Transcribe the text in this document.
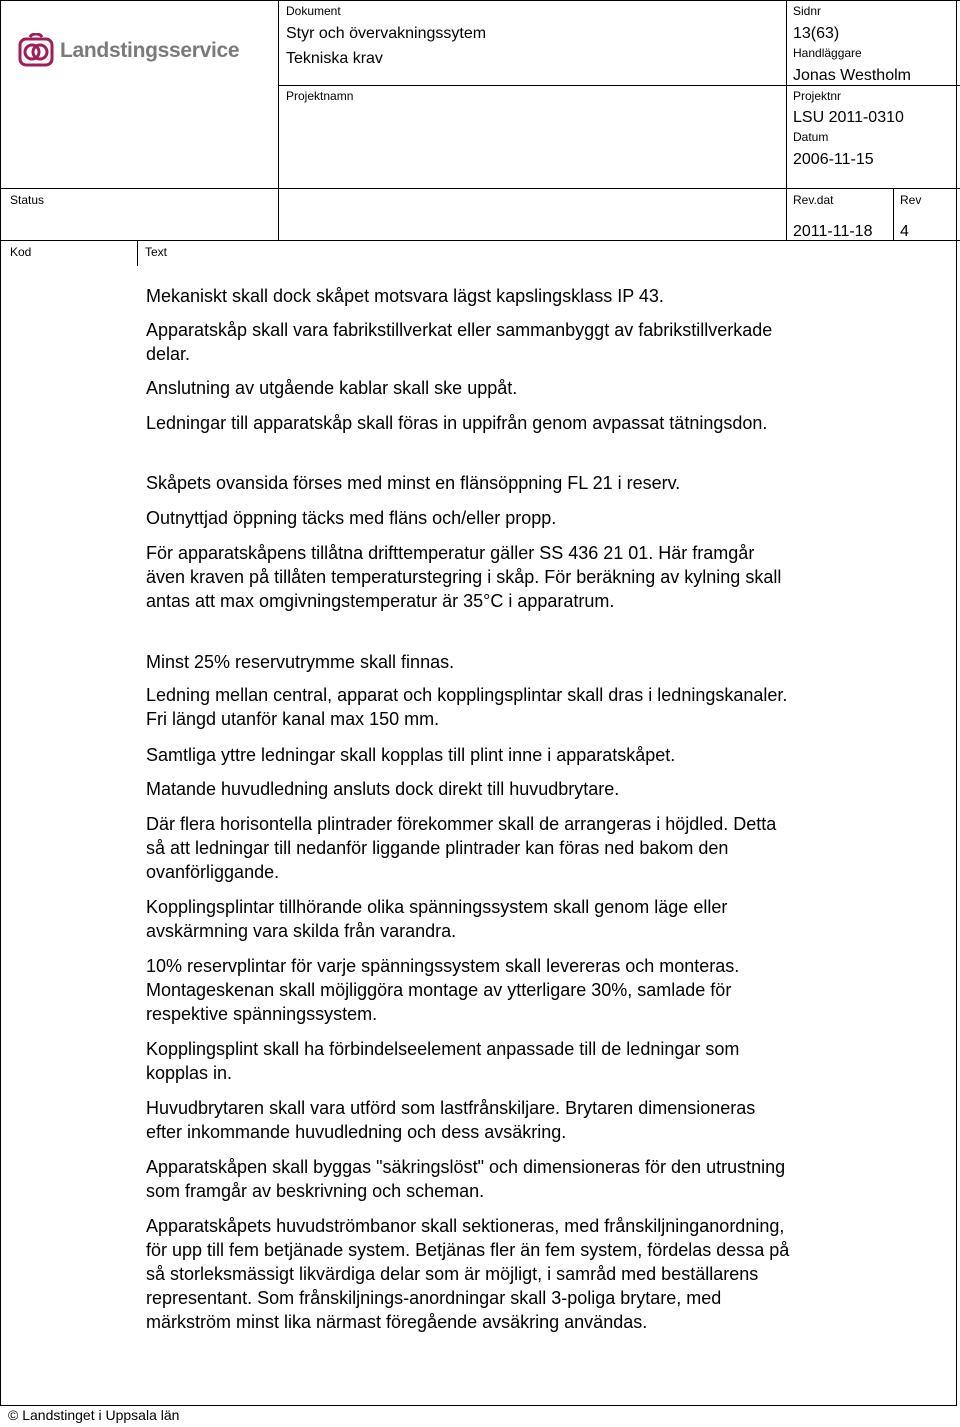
Landstingsservice
Dokument
Styr och övervakningssytem
Tekniska krav
Sidnr
13(63)
Handläggare
Jonas Westholm
Projektnamn	Projektnr
LSU 2011-0310
Datum
2006-11-15
Status	Rev.dat
2011-11-18
Rev
4
Kod	Text

Mekaniskt skall dock skåpet motsvara lägst kapslingsklass IP 43.

Apparatskåp skall vara fabrikstillverkat eller sammanbyggt av fabrikstillverkade delar.

Anslutning av utgående kablar skall ske uppåt.

Ledningar till apparatskåp skall föras in uppifrån genom avpassat tätningsdon.

Skåpets ovansida förses med minst en flänsöppning FL 21 i reserv.

Outnyttjad öppning täcks med fläns och/eller propp.

För apparatskåpens tillåtna drifttemperatur gäller SS 436 21 01. Här framgår även kraven på tillåten temperaturstegring i skåp. För beräkning av kylning skall antas att max omgivningstemperatur är 35°C i apparatrum.

Minst 25% reservutrymme skall finnas.

Ledning mellan central, apparat och kopplingsplintar skall dras i ledningskanaler. Fri längd utanför kanal max 150 mm.

Samtliga yttre ledningar skall kopplas till plint inne i apparatskåpet.

Matande huvudledning ansluts dock direkt till huvudbrytare.

Där flera horisontella plintrader förekommer skall de arrangeras i höjdled. Detta så att ledningar till nedanför liggande plintrader kan föras ned bakom den ovanförliggande.

Kopplingsplintar tillhörande olika spänningssystem skall genom läge eller avskärmning vara skilda från varandra.

10% reservplintar för varje spänningssystem skall levereras och monteras. Montageskenan skall möjliggöra montage av ytterligare 30%, samlade för respektive spänningssystem.

Kopplingsplint skall ha förbindelseelement anpassade till de ledningar som kopplas in.

Huvudbrytaren skall vara utförd som lastfrånskiljare. Brytaren dimensioneras efter inkommande huvudledning och dess avsäkring.

Apparatskåpen skall byggas "säkringslöst" och dimensioneras för den utrustning som framgår av beskrivning och scheman.

Apparatskåpets huvudströmbanor skall sektioneras, med frånskiljninganordning, för upp till fem betjänade system. Betjänas fler än fem system, fördelas dessa på så storleksmässigt likvärdiga delar som är möjligt, i samråd med beställarens representant. Som frånskiljnings-anordningar skall 3-poliga brytare, med märkström minst lika närmast föregående avsäkring användas.

© Landstinget i Uppsala län
